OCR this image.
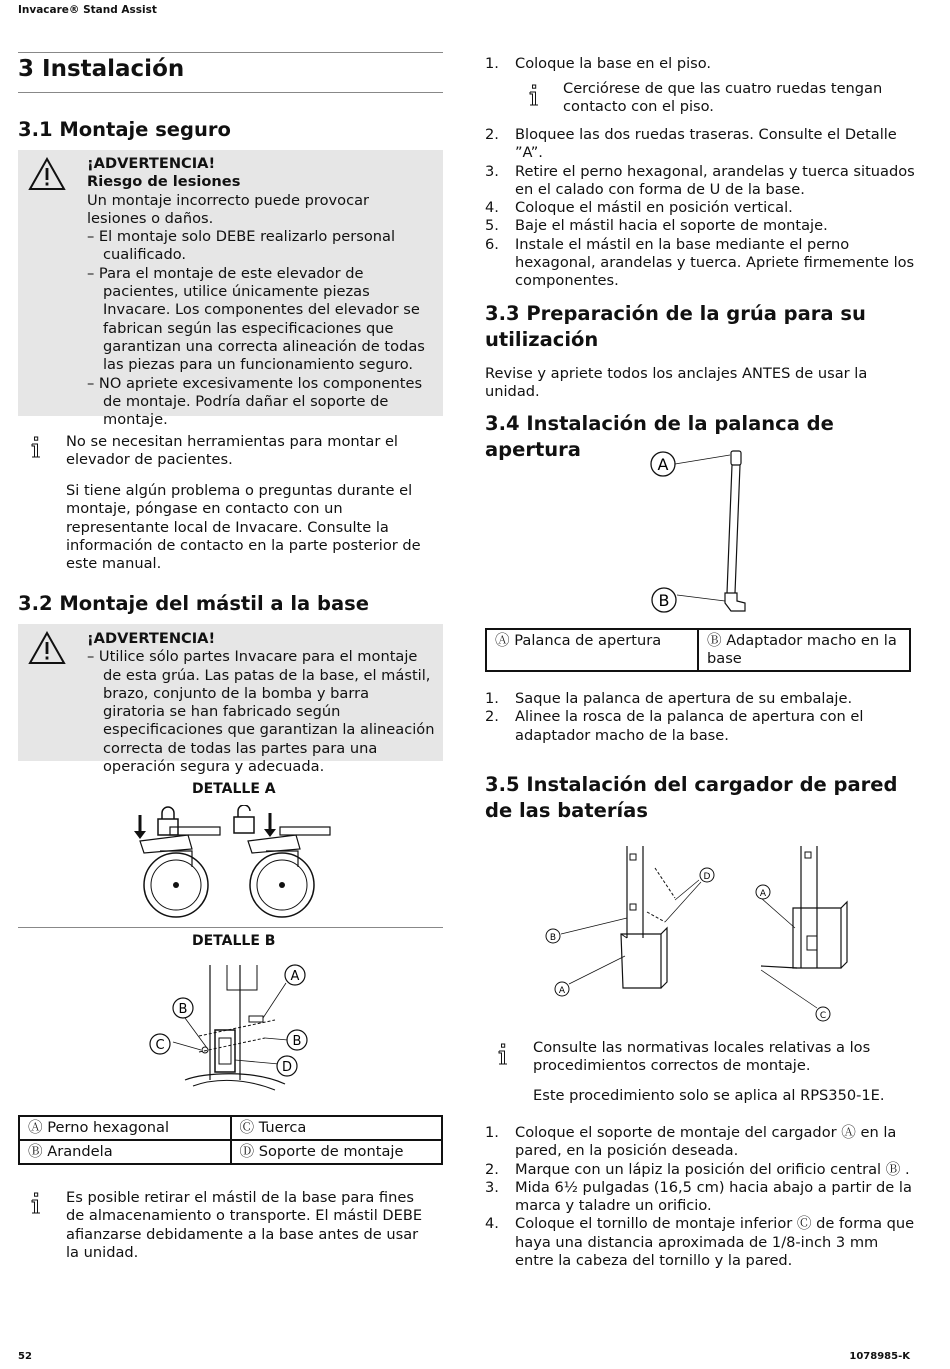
Invacare® Stand Assist
52	1078985-K
3 Instalación
3.1 Montaje seguro
¡ADVERTENCIA!
Riesgo de lesiones
Un montaje incorrecto puede provocar lesiones o daños.
– El montaje solo DEBE realizarlo personal cualificado.
– Para el montaje de este elevador de pacientes, utilice únicamente piezas Invacare. Los componentes del elevador se fabrican según las especificaciones que garantizan una correcta alineación de todas las piezas para un funcionamiento seguro.
– NO apriete excesivamente los componentes de montaje. Podría dañar el soporte de montaje.
No se necesitan herramientas para montar el elevador de pacientes.
Si tiene algún problema o preguntas durante el montaje, póngase en contacto con un representante local de Invacare. Consulte la información de contacto en la parte posterior de este manual.
3.2 Montaje del mástil a la base
¡ADVERTENCIA!
– Utilice sólo partes Invacare para el montaje de esta grúa. Las patas de la base, el mástil, brazo, conjunto de la bomba y barra giratoria se han fabricado según especificaciones que garantizan la alineación correcta de todas las partes para una operación segura y adecuada.
DETALLE A
DETALLE B
A
B
B
C
D
Ⓐ Perno hexagonal	Ⓒ Tuerca
Ⓑ Arandela	Ⓓ Soporte de montaje
Es posible retirar el mástil de la base para fines de almacenamiento o transporte. El mástil DEBE afianzarse debidamente a la base antes de usar la unidad.
1. Coloque la base en el piso.
Cerciórese de que las cuatro ruedas tengan contacto con el piso.
2. Bloquee las dos ruedas traseras. Consulte el Detalle ”A”.
3. Retire el perno hexagonal, arandelas y tuerca situados en el calado con forma de U de la base.
4. Coloque el mástil en posición vertical.
5. Baje el mástil hacia el soporte de montaje.
6. Instale el mástil en la base mediante el perno hexagonal, arandelas y tuerca. Apriete firmemente los componentes.
3.3 Preparación de la grúa para su utilización
Revise y apriete todos los anclajes ANTES de usar la unidad.
3.4 Instalación de la palanca de apertura
A
B
Ⓐ Palanca de apertura	Ⓑ Adaptador macho en la base
1. Saque la palanca de apertura de su embalaje.
2. Alinee la rosca de la palanca de apertura con el adaptador macho de la base.
3.5 Instalación del cargador de pared de las baterías
D
B
A
A
C
Consulte las normativas locales relativas a los procedimientos correctos de montaje.
Este procedimiento solo se aplica al RPS350-1E.
1. Coloque el soporte de montaje del cargador Ⓐ en la pared, en la posición deseada.
2. Marque con un lápiz la posición del orificio central Ⓑ .
3. Mida 6½ pulgadas (16,5 cm) hacia abajo a partir de la marca y taladre un orificio.
4. Coloque el tornillo de montaje inferior Ⓒ de forma que haya una distancia aproximada de 1/8-inch 3 mm entre la cabeza del tornillo y la pared.
